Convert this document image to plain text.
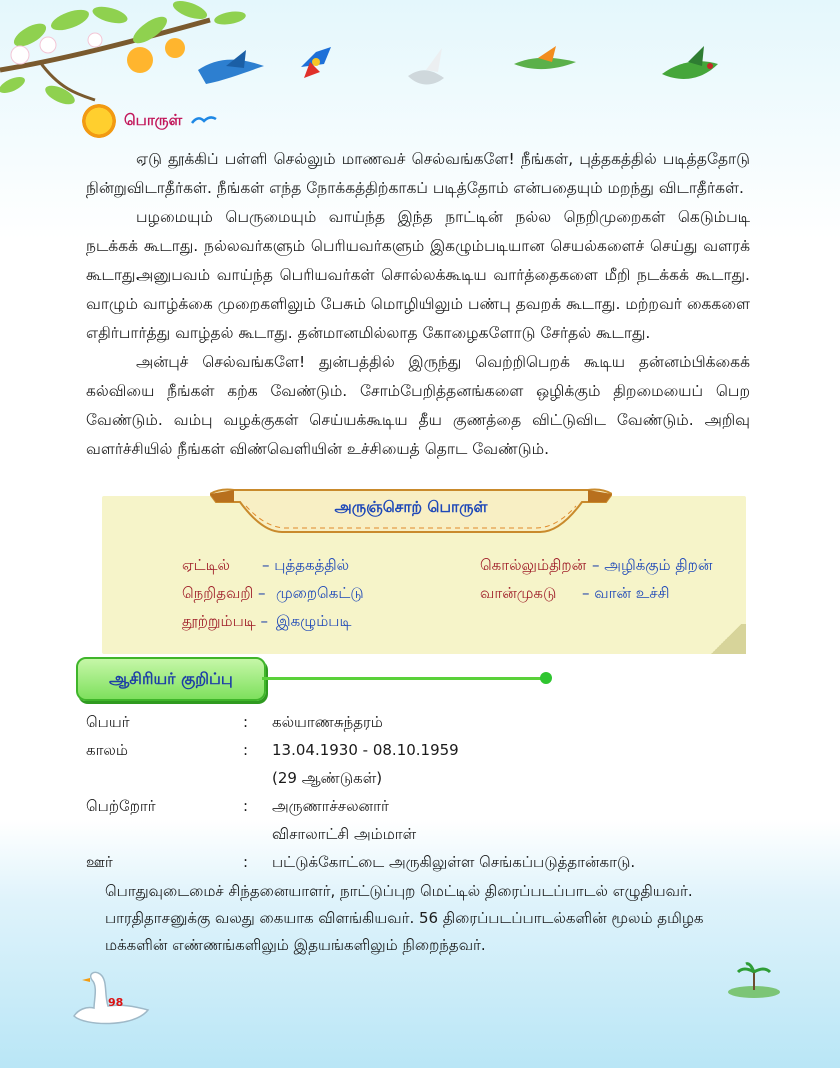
பொருள்

ஏடு தூக்கிப் பள்ளி செல்லும் மாணவச் செல்வங்களே! நீங்கள், புத்தகத்தில் படித்ததோடு நின்றுவிடாதீர்கள். நீங்கள் எந்த நோக்கத்திற்காகப் படித்தோம் என்பதையும் மறந்து விடாதீர்கள்.

பழமையும் பெருமையும் வாய்ந்த இந்த நாட்டின் நல்ல நெறிமுறைகள் கெடும்படி நடக்கக் கூடாது. நல்லவர்களும் பெரியவர்களும் இகழும்படியான செயல்களைச் செய்து வளரக் கூடாது.

அனுபவம் வாய்ந்த பெரியவர்கள் சொல்லக்கூடிய வார்த்தைகளை மீறி நடக்கக் கூடாது. வாழும் வாழ்க்கை முறைகளிலும் பேசும் மொழியிலும் பண்பு தவறக் கூடாது. மற்றவர் கைகளை எதிர்பார்த்து வாழ்தல் கூடாது. தன்மானமில்லாத கோழைகளோடு சேர்தல் கூடாது.

அன்புச் செல்வங்களே! துன்பத்தில் இருந்து வெற்றிபெறக் கூடிய தன்னம்பிக்கைக் கல்வியை நீங்கள் கற்க வேண்டும். சோம்பேறித்தனங்களை ஒழிக்கும் திறமையைப் பெற வேண்டும். வம்பு வழக்குகள் செய்யக்கூடிய தீய குணத்தை விட்டுவிட வேண்டும். அறிவு வளர்ச்சியில் நீங்கள் விண்வெளியின் உச்சியைத் தொட வேண்டும்.

அருஞ்சொற் பொருள்
ஏட்டில் – புத்தகத்தில்
நெறிதவறி – முறைகெட்டு
தூற்றும்படி – இகழும்படி
கொல்லும்திறன் – அழிக்கும் திறன்
வான்முகடு – வான் உச்சி
ஆசிரியர் குறிப்பு
பெயர்	: கல்யாணசுந்தரம்
காலம்	: 13.04.1930 - 08.10.1959
(29 ஆண்டுகள்)
பெற்றோர்	: அருணாச்சலனார்
விசாலாட்சி அம்மாள்
ஊர்	: பட்டுக்கோட்டை அருகிலுள்ள செங்கப்படுத்தான்காடு.

பொதுவுடைமைச் சிந்தனையாளர், நாட்டுப்புற மெட்டில் திரைப்படப்பாடல் எழுதியவர். பாரதிதாசனுக்கு வலது கையாக விளங்கியவர். 56 திரைப்படப்பாடல்களின் மூலம் தமிழக மக்களின் எண்ணங்களிலும் இதயங்களிலும் நிறைந்தவர்.

98
